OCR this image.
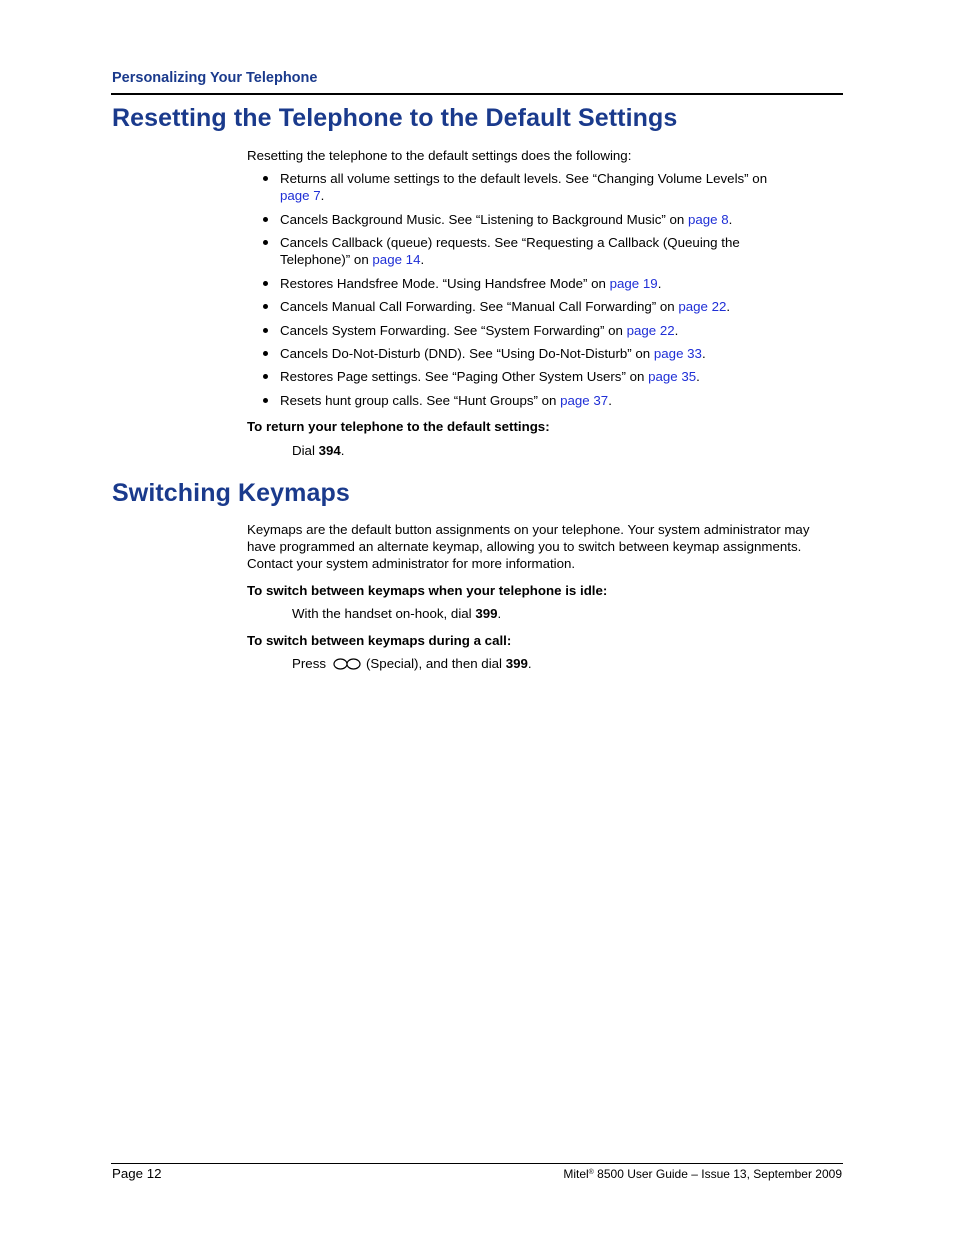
Personalizing Your Telephone
Resetting the Telephone to the Default Settings
Resetting the telephone to the default settings does the following:
Returns all volume settings to the default levels. See “Changing Volume Levels” on
page 7.
Cancels Background Music. See “Listening to Background Music” on page 8.
Cancels Callback (queue) requests. See “Requesting a Callback (Queuing the
Telephone)” on page 14.
Restores Handsfree Mode. “Using Handsfree Mode” on page 19.
Cancels Manual Call Forwarding. See “Manual Call Forwarding” on page 22.
Cancels System Forwarding. See “System Forwarding” on page 22.
Cancels Do-Not-Disturb (DND). See “Using Do-Not-Disturb” on page 33.
Restores Page settings. See “Paging Other System Users” on page 35.
Resets hunt group calls. See “Hunt Groups” on page 37.
To return your telephone to the default settings:
Dial 394.
Switching Keymaps
Keymaps are the default button assignments on your telephone. Your system administrator may
have programmed an alternate keymap, allowing you to switch between keymap assignments.
Contact your system administrator for more information.
To switch between keymaps when your telephone is idle:
With the handset on-hook, dial 399.
To switch between keymaps during a call:
Press	(Special), and then dial 399.
Page 12	Mitel® 8500 User Guide – Issue 13, September 2009
